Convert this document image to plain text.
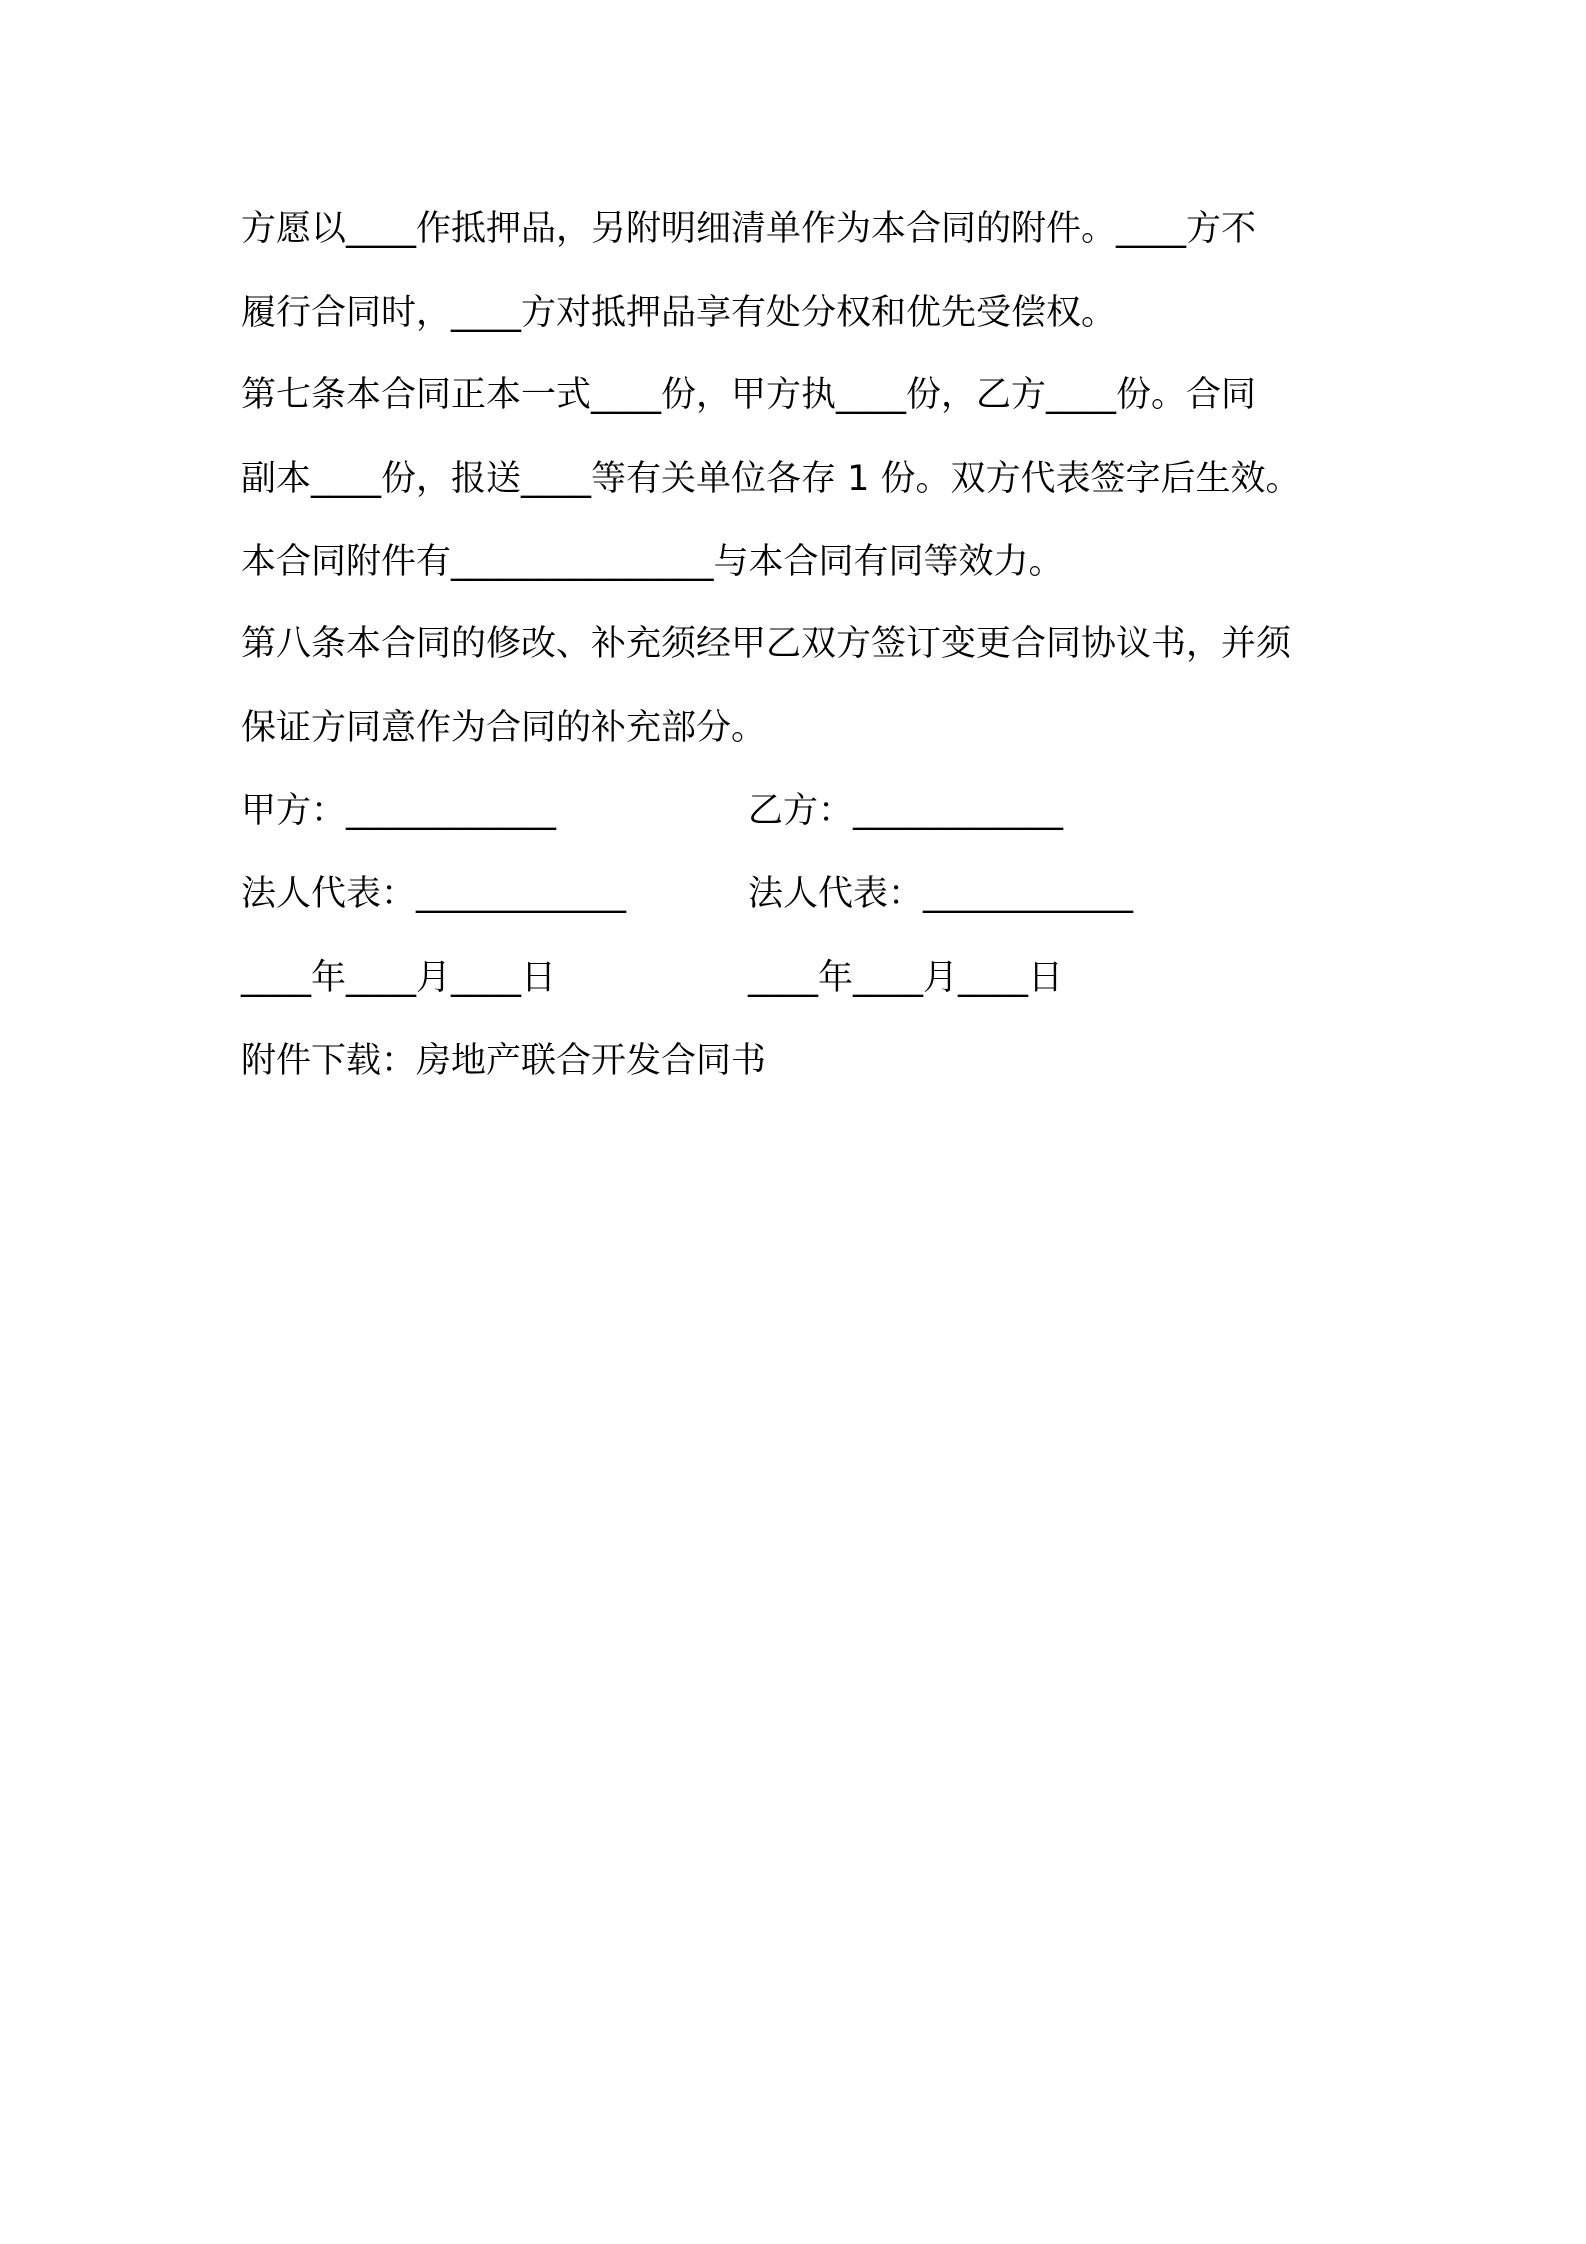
方愿以____作抵押品，另附明细清单作为本合同的附件。____方不
履行合同时，____方对抵押品享有处分权和优先受偿权。
第七条本合同正本一式____份，甲方执____份，乙方____份。合同
副本____份，报送____等有关单位各存 1 份。双方代表签字后生效。
本合同附件有_______________与本合同有同等效力。
第八条本合同的修改、补充须经甲乙双方签订变更合同协议书，并须
保证方同意作为合同的补充部分。
甲方：____________	乙方：____________
法人代表：____________	法人代表：____________
____年____月____日	____年____月____日
附件下载：房地产联合开发合同书
